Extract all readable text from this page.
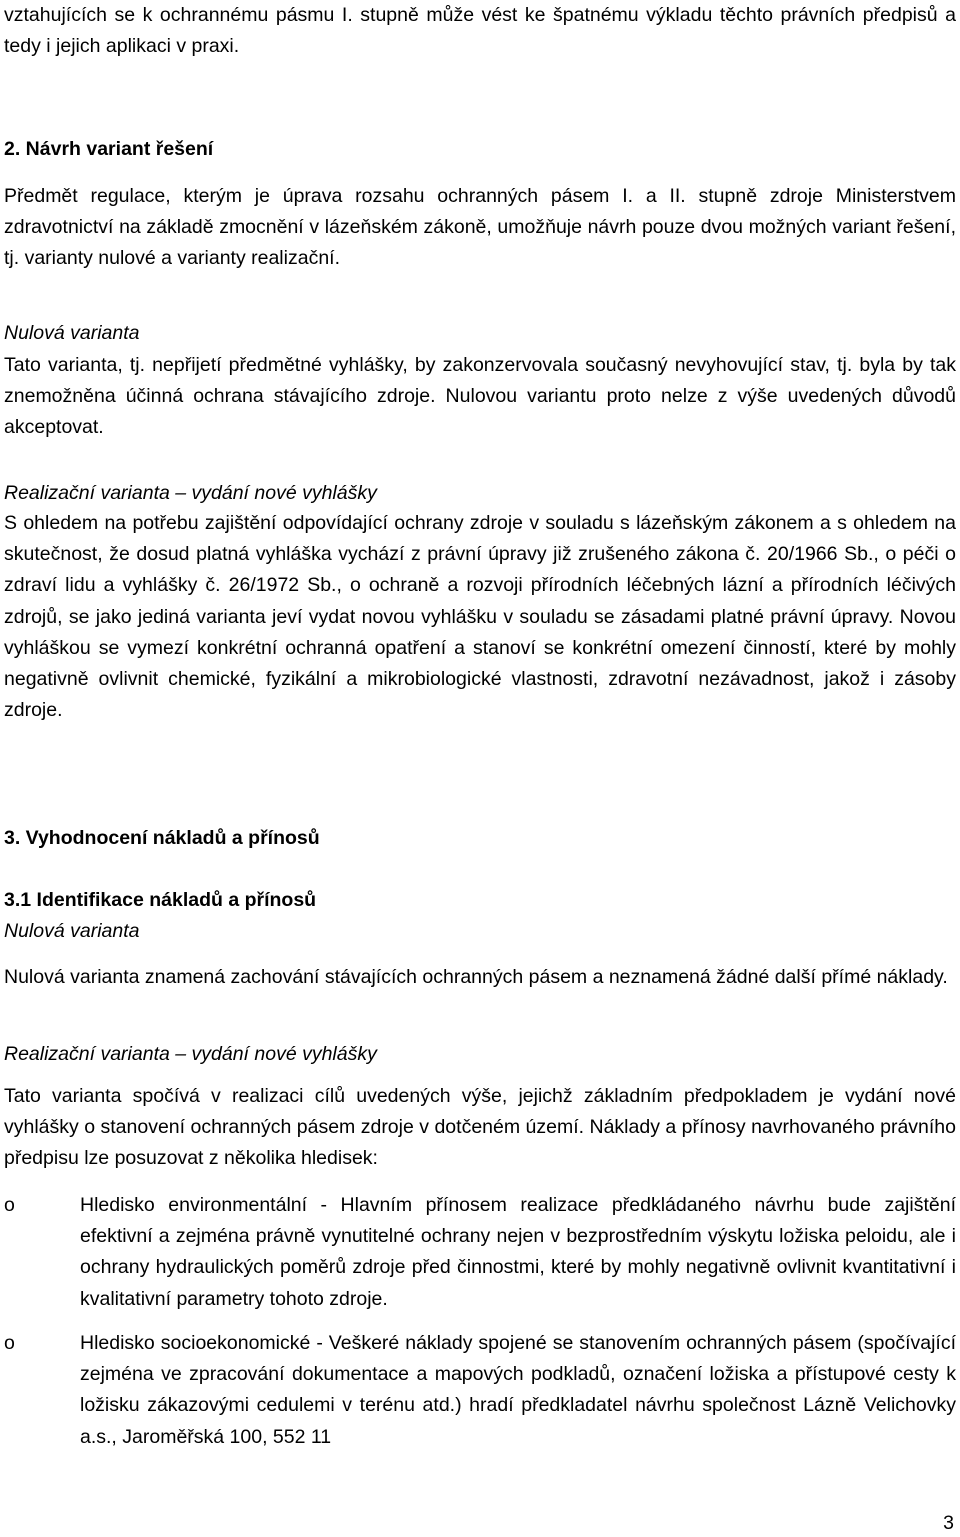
vztahujících se k ochrannému pásmu I. stupně může vést ke špatnému výkladu těchto právních předpisů a tedy i jejich aplikaci v praxi.

2. Návrh variant řešení

Předmět regulace, kterým je úprava rozsahu ochranných pásem I. a II. stupně zdroje Ministerstvem zdravotnictví na základě zmocnění v lázeňském zákoně, umožňuje návrh pouze dvou možných variant řešení, tj. varianty nulové a varianty realizační.

Nulová varianta

Tato varianta, tj. nepřijetí předmětné vyhlášky, by zakonzervovala současný nevyhovující stav, tj. byla by tak znemožněna účinná ochrana stávajícího zdroje. Nulovou variantu proto nelze z výše uvedených důvodů akceptovat.

Realizační varianta – vydání nové vyhlášky

S ohledem na potřebu zajištění odpovídající ochrany zdroje v souladu s lázeňským zákonem a s ohledem na skutečnost, že dosud platná vyhláška vychází z právní úpravy již zrušeného zákona č. 20/1966 Sb., o péči o zdraví lidu a vyhlášky č. 26/1972 Sb., o ochraně a rozvoji přírodních léčebných lázní a přírodních léčivých zdrojů, se jako jediná varianta jeví vydat novou vyhlášku v souladu se zásadami platné právní úpravy. Novou vyhláškou se vymezí konkrétní ochranná opatření a stanoví se konkrétní omezení činností, které by mohly negativně ovlivnit chemické, fyzikální a mikrobiologické vlastnosti, zdravotní nezávadnost, jakož i zásoby zdroje.

3. Vyhodnocení nákladů a přínosů

3.1 Identifikace nákladů a přínosů

Nulová varianta

Nulová varianta znamená zachování stávajících ochranných pásem a neznamená žádné další přímé náklady.

Realizační varianta – vydání nové vyhlášky

Tato varianta spočívá v realizaci cílů uvedených výše, jejichž základním předpokladem je vydání nové vyhlášky o stanovení ochranných pásem zdroje v dotčeném území. Náklady a přínosy navrhovaného právního předpisu lze posuzovat z několika hledisek:

o	Hledisko environmentální - Hlavním přínosem realizace předkládaného návrhu bude zajištění efektivní a zejména právně vynutitelné ochrany nejen v bezprostředním výskytu ložiska peloidu, ale i ochrany hydraulických poměrů zdroje před činnostmi, které by mohly negativně ovlivnit kvantitativní i kvalitativní parametry tohoto zdroje.
o	Hledisko socioekonomické - Veškeré náklady spojené se stanovením ochranných pásem (spočívající zejména ve zpracování dokumentace a mapových podkladů, označení ložiska a přístupové cesty k ložisku zákazovými cedulemi v terénu atd.) hradí předkladatel návrhu společnost Lázně Velichovky a.s., Jaroměřská 100, 552 11
3
